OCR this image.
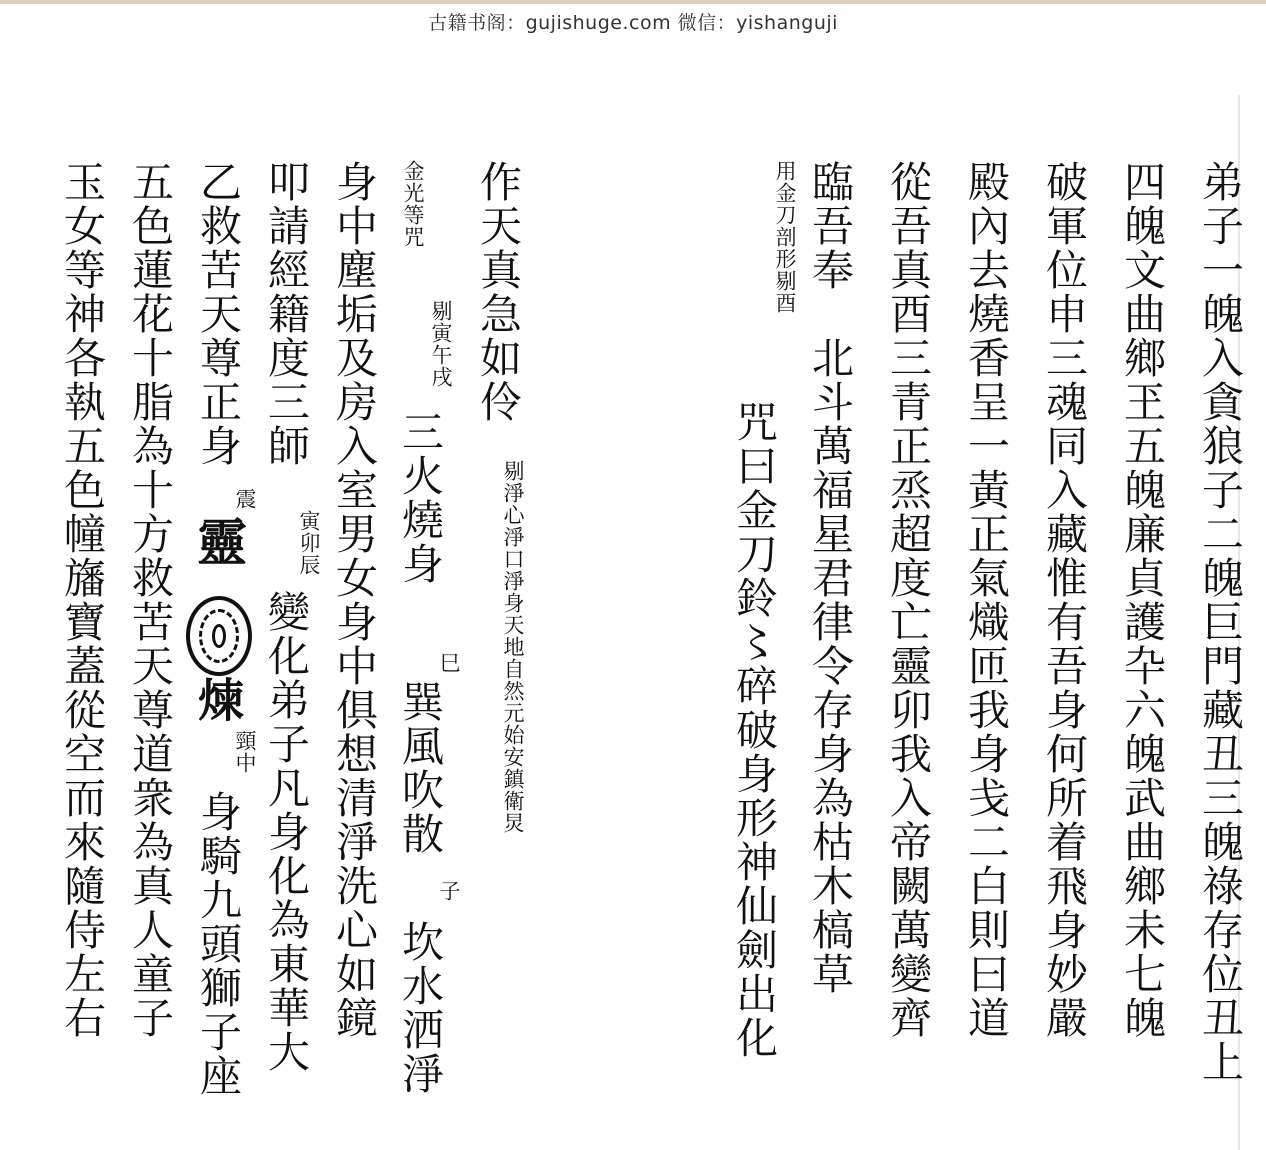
古籍书阁：gujishuge.com 微信：yishanguji
弟子一魄入貪狼子二魄巨門藏丑三魄祿存位丑上
四魄文曲鄉玊五魄廉貞護卆六魄武曲鄉未七魄
破軍位申三魂同入藏惟有吾身何所着飛身妙嚴
殿內去燒香呈一黃正氣熾匝我身戋二白則曰道
從吾真酉三青正烝超度亡靈卯我入帝闕萬變齊
臨吾奉　北斗萬福星君律令存身為枯木槁草
用金刀剖形剔酉
咒曰金刀鈴〻碎破身形神仙劍出化
作天真急如伶
剔淨心淨口淨身天地自然元始安鎮衛炅
金光等咒
剔寅午戌
三火燒身
巳
巽風吹散
子
坎水洒淨
身中塵垢及房入室男女身中俱想清淨洗心如鏡
叩請經籍度三師
寅卯辰
變化弟子凡身化為東華大
乙救苦天尊正身
震
靈
煉
頸中
身騎九頭獅子座
五色蓮花十脂為十方救苦天尊道衆為真人童子
玉女等神各執五色幢旛寶蓋從空而來隨侍左右
